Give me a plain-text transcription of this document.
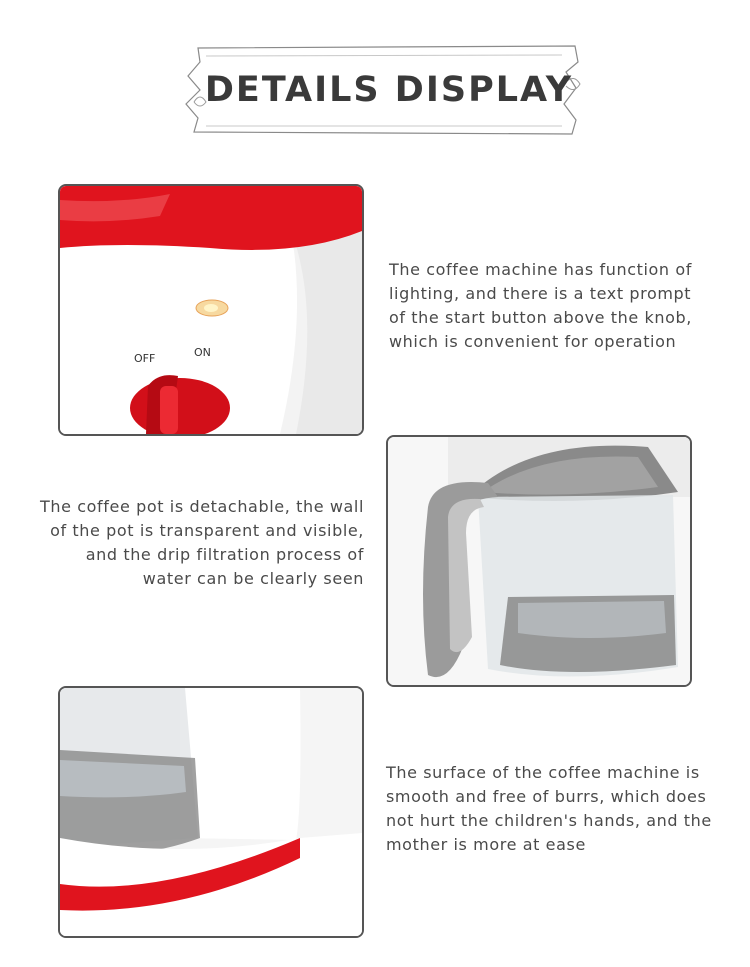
DETAILS DISPLAY
OFF	ON

The coffee machine has function of lighting, and there is a text prompt of the start button above the knob, which is convenient for operation

The coffee pot is detachable, the wall of the pot is transparent and visible, and the drip filtration process of water can be clearly seen

The surface of the coffee machine is smooth and free of burrs, which does not hurt the children's hands, and the mother is more at ease
